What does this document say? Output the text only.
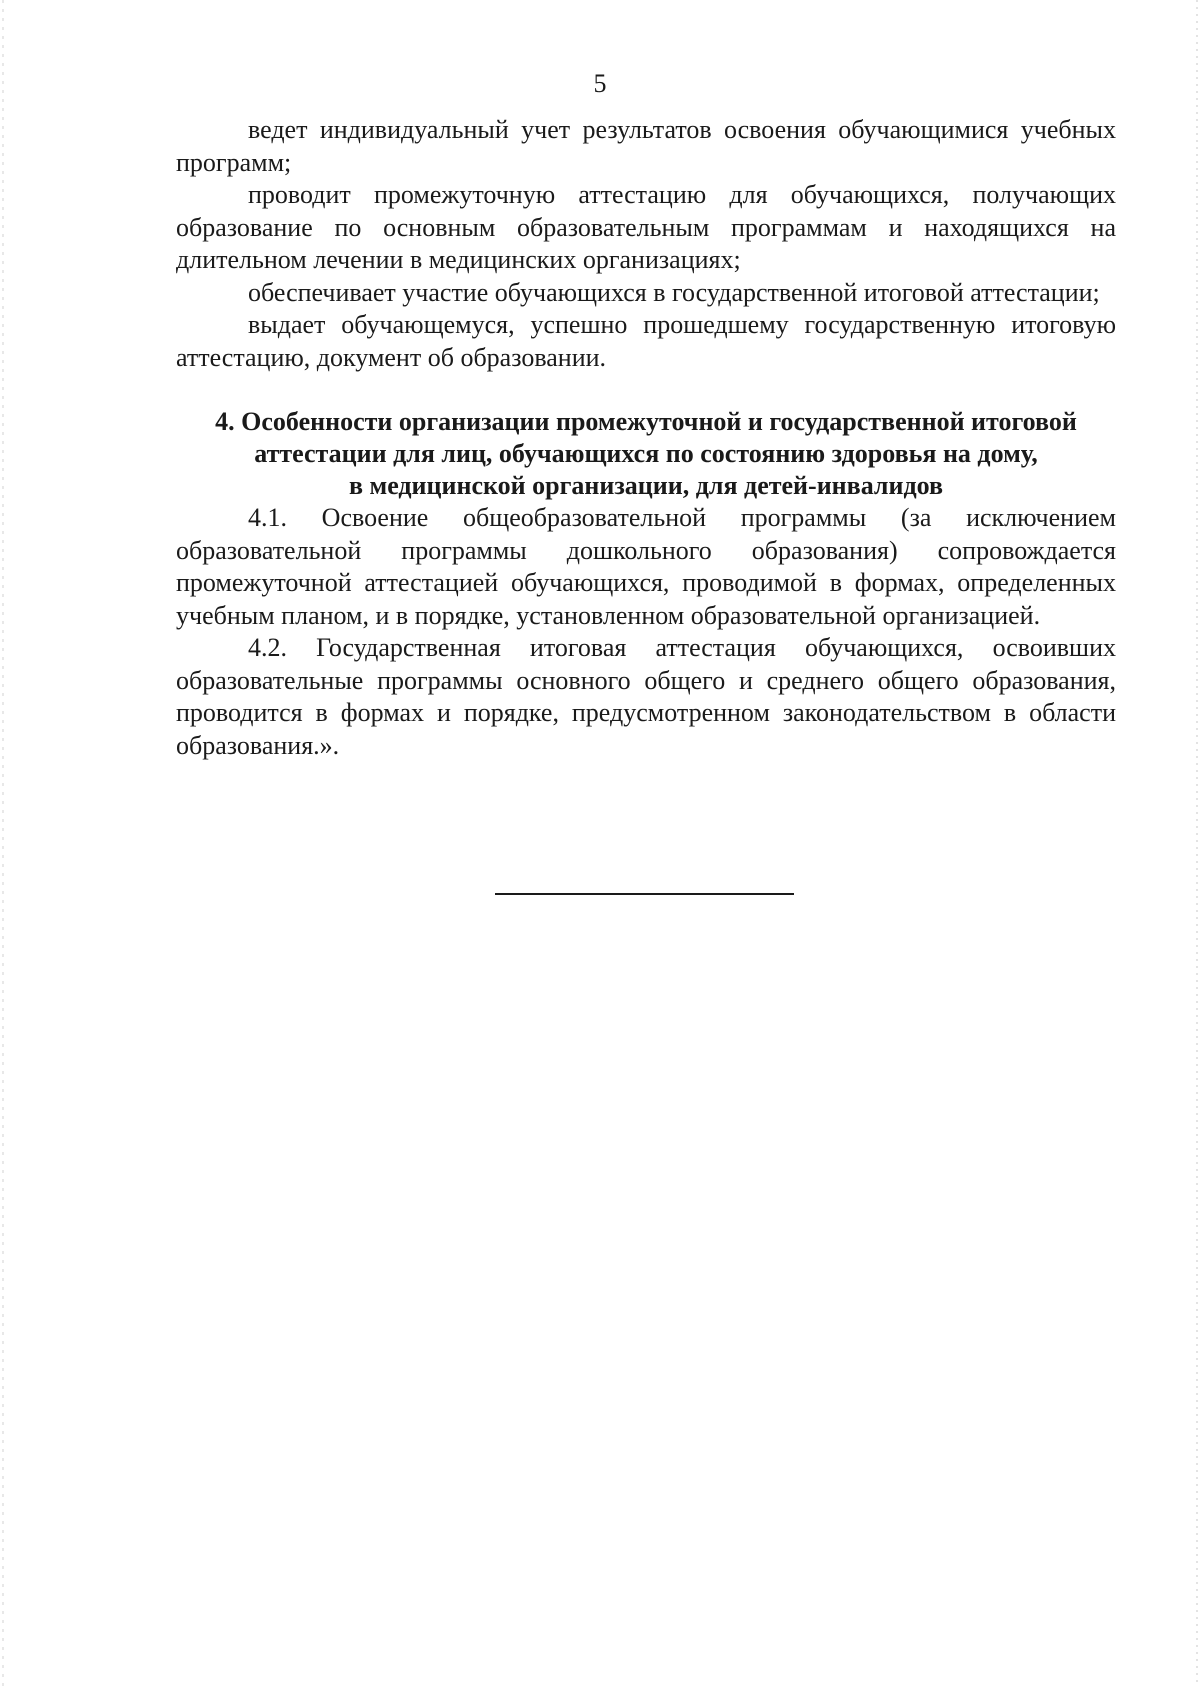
5

ведет индивидуальный учет результатов освоения обучающимися учебных программ;

проводит промежуточную аттестацию для обучающихся, получающих образование по основным образовательным программам и находящихся на длительном лечении в медицинских организациях;

обеспечивает участие обучающихся в государственной итоговой аттестации;

выдает обучающемуся, успешно прошедшему государственную итоговую аттестацию, документ об образовании.

4. Особенности организации промежуточной и государственной итоговой
аттестации для лиц, обучающихся по состоянию здоровья на дому,
в медицинской организации, для детей-инвалидов

4.1. Освоение общеобразовательной программы (за исключением образовательной программы дошкольного образования) сопровождается промежуточной аттестацией обучающихся, проводимой в формах, определенных учебным планом, и в порядке, установленном образовательной организацией.

4.2. Государственная итоговая аттестация обучающихся, освоивших образовательные программы основного общего и среднего общего образования, проводится в формах и порядке, предусмотренном законодательством в области образования.».
